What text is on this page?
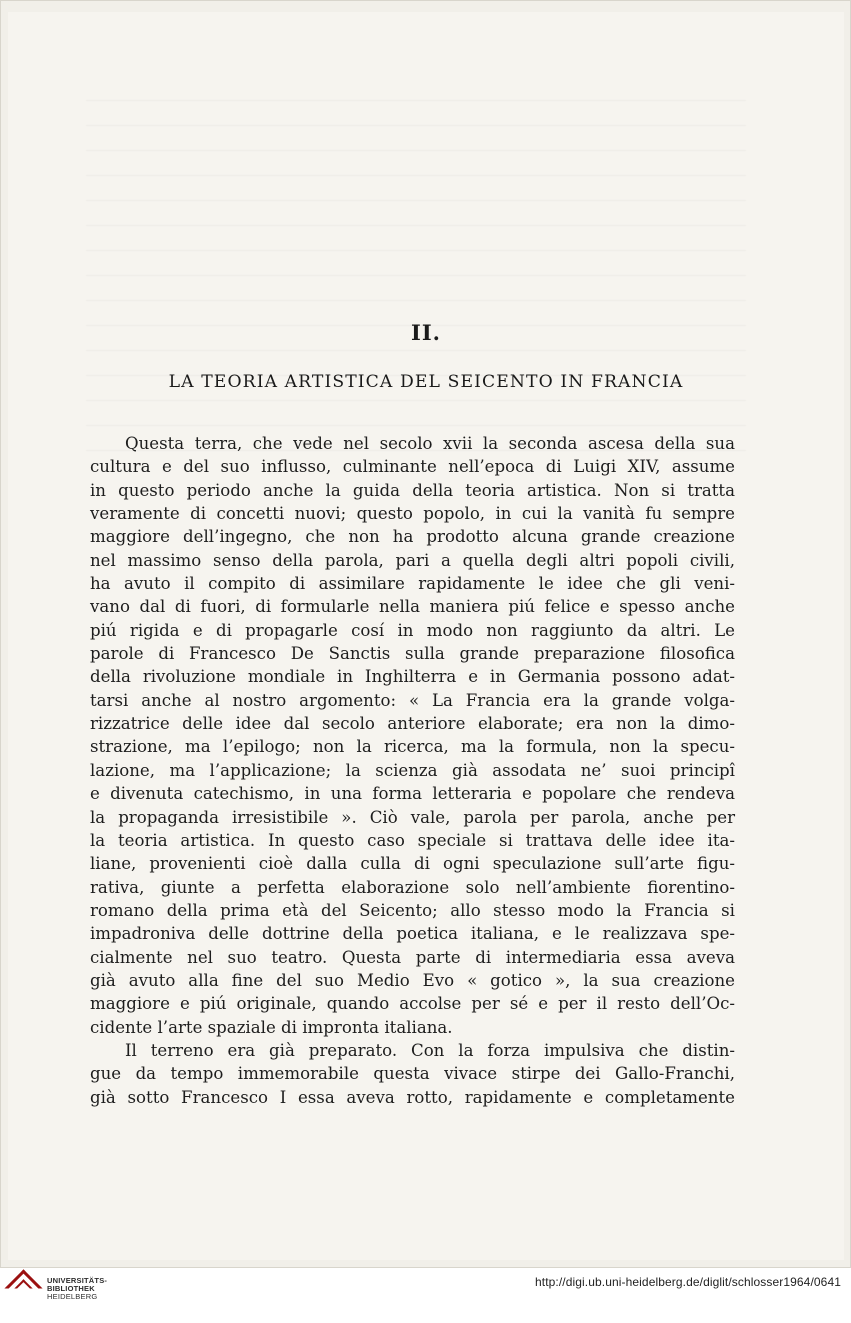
II.
LA TEORIA ARTISTICA DEL SEICENTO IN FRANCIA
Questa terra, che vede nel secolo xvii la seconda ascesa della sua
cultura e del suo influsso, culminante nell’epoca di Luigi XIV, assume
in questo periodo anche la guida della teoria artistica. Non si tratta
veramente di concetti nuovi; questo popolo, in cui la vanità fu sempre
maggiore dell’ingegno, che non ha prodotto alcuna grande creazione
nel massimo senso della parola, pari a quella degli altri popoli civili,
ha avuto il compito di assimilare rapidamente le idee che gli veni-
vano dal di fuori, di formularle nella maniera piú felice e spesso anche
piú rigida e di propagarle cosí in modo non raggiunto da altri. Le
parole di Francesco De Sanctis sulla grande preparazione filosofica
della rivoluzione mondiale in Inghilterra e in Germania possono adat-
tarsi anche al nostro argomento: « La Francia era la grande volga-
rizzatrice delle idee dal secolo anteriore elaborate; era non la dimo-
strazione, ma l’epilogo; non la ricerca, ma la formula, non la specu-
lazione, ma l’applicazione; la scienza già assodata ne’ suoi principî
e divenuta catechismo, in una forma letteraria e popolare che rendeva
la propaganda irresistibile ». Ciò vale, parola per parola, anche per
la teoria artistica. In questo caso speciale si trattava delle idee ita-
liane, provenienti cioè dalla culla di ogni speculazione sull’arte figu-
rativa, giunte a perfetta elaborazione solo nell’ambiente fiorentino-
romano della prima età del Seicento; allo stesso modo la Francia si
impadroniva delle dottrine della poetica italiana, e le realizzava spe-
cialmente nel suo teatro. Questa parte di intermediaria essa aveva
già avuto alla fine del suo Medio Evo « gotico », la sua creazione
maggiore e piú originale, quando accolse per sé e per il resto dell’Oc-
cidente l’arte spaziale di impronta italiana.
Il terreno era già preparato. Con la forza impulsiva che distin-
gue da tempo immemorabile questa vivace stirpe dei Gallo-Franchi,
già sotto Francesco I essa aveva rotto, rapidamente e completamente
UNIVERSITÄTS-
BIBLIOTHEK
HEIDELBERG
http://digi.ub.uni-heidelberg.de/diglit/schlosser1964/0641
